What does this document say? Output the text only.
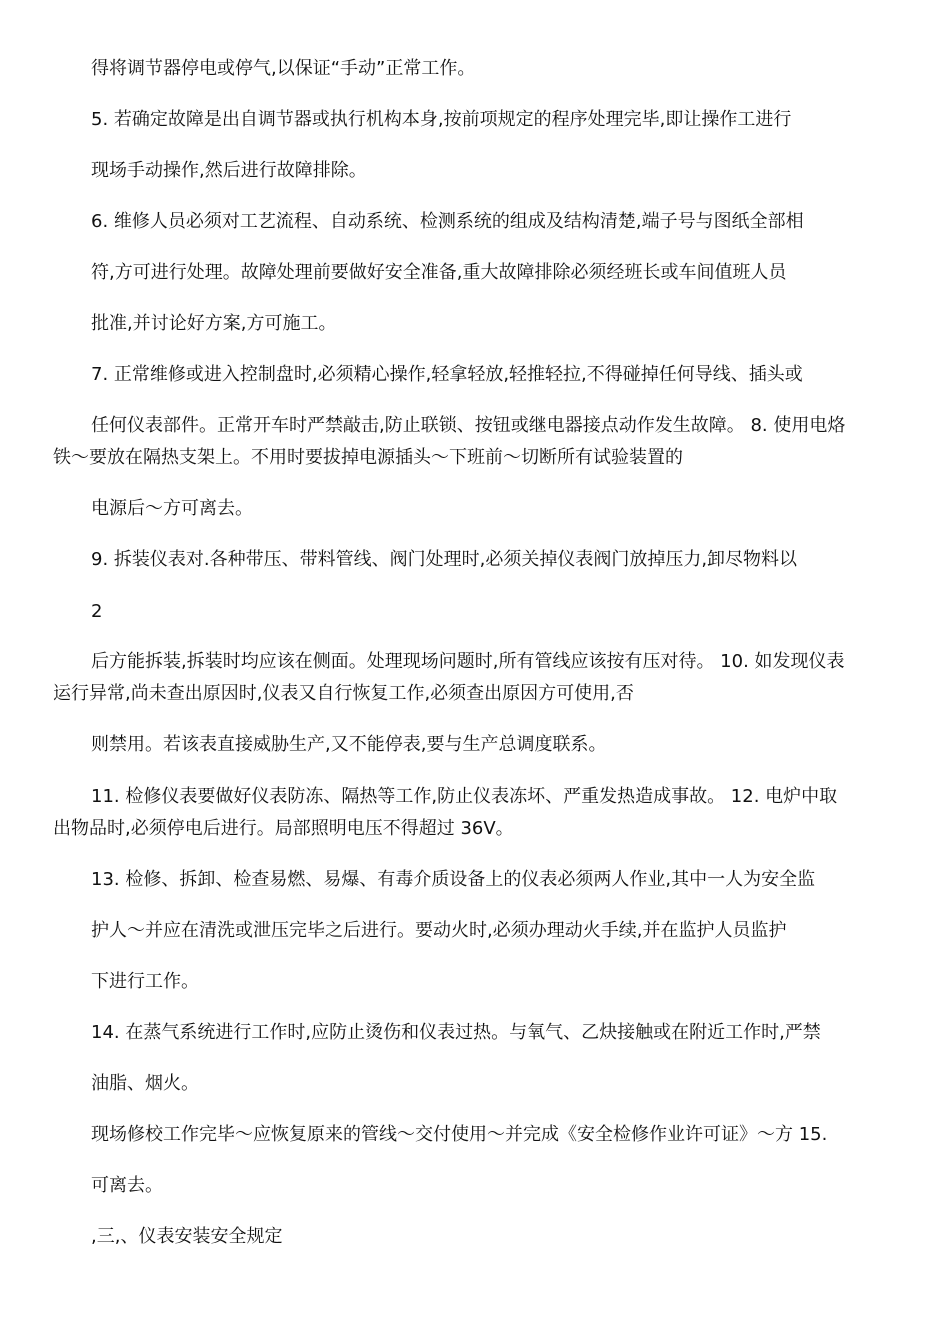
得将调节器停电或停气,以保证“手动”正常工作。
5. 若确定故障是出自调节器或执行机构本身,按前项规定的程序处理完毕,即让操作工进行
现场手动操作,然后进行故障排除。
6. 维修人员必须对工艺流程、自动系统、检测系统的组成及结构清楚,端子号与图纸全部相
符,方可进行处理。故障处理前要做好安全准备,重大故障排除必须经班长或车间值班人员
批准,并讨论好方案,方可施工。
7. 正常维修或进入控制盘时,必须精心操作,轻拿轻放,轻推轻拉,不得碰掉任何导线、插头或
任何仪表部件。正常开车时严禁敲击,防止联锁、按钮或继电器接点动作发生故障。 8. 使用电烙
铁～要放在隔热支架上。不用时要拔掉电源插头～下班前～切断所有试验装置的
电源后～方可离去。
9. 拆装仪表对.各种带压、带料管线、阀门处理时,必须关掉仪表阀门放掉压力,卸尽物料以
2
后方能拆装,拆装时均应该在侧面。处理现场问题时,所有管线应该按有压对待。 10. 如发现仪表
运行异常,尚未查出原因时,仪表又自行恢复工作,必须查出原因方可使用,否
则禁用。若该表直接威胁生产,又不能停表,要与生产总调度联系。
11. 检修仪表要做好仪表防冻、隔热等工作,防止仪表冻坏、严重发热造成事故。 12. 电炉中取
出物品时,必须停电后进行。局部照明电压不得超过 36V。
13. 检修、拆卸、检查易燃、易爆、有毒介质设备上的仪表必须两人作业,其中一人为安全监
护人～并应在清洗或泄压完毕之后进行。要动火时,必须办理动火手续,并在监护人员监护
下进行工作。
14. 在蒸气系统进行工作时,应防止烫伤和仪表过热。与氧气、乙炔接触或在附近工作时,严禁
油脂、烟火。
现场修校工作完毕～应恢复原来的管线～交付使用～并完成《安全检修作业许可证》～方 15.
可离去。
,三,、仪表安装安全规定
